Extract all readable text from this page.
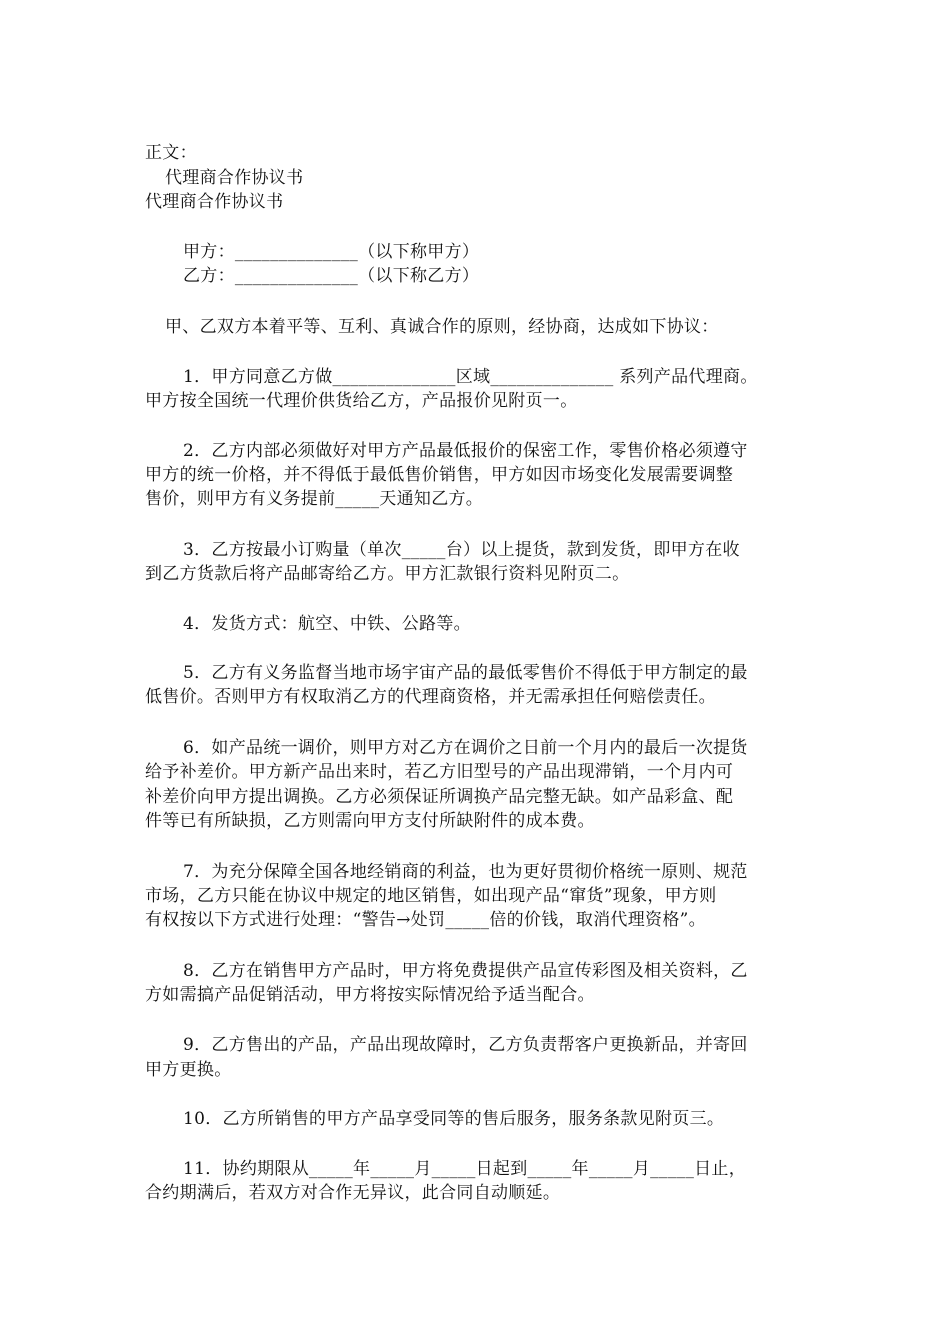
正文：
代理商合作协议书
代理商合作协议书
甲方：______________（以下称甲方）
乙方：______________（以下称乙方）
甲、乙双方本着平等、互利、真诚合作的原则，经协商，达成如下协议：
1．甲方同意乙方做______________区域______________ 系列产品代理商。
甲方按全国统一代理价供货给乙方，产品报价见附页一。
2．乙方内部必须做好对甲方产品最低报价的保密工作，零售价格必须遵守
甲方的统一价格，并不得低于最低售价销售，甲方如因市场变化发展需要调整
售价，则甲方有义务提前_____天通知乙方。
3．乙方按最小订购量（单次_____台）以上提货，款到发货，即甲方在收
到乙方货款后将产品邮寄给乙方。甲方汇款银行资料见附页二。
4．发货方式：航空、中铁、公路等。
5．乙方有义务监督当地市场宇宙产品的最低零售价不得低于甲方制定的最
低售价。否则甲方有权取消乙方的代理商资格，并无需承担任何赔偿责任。
6．如产品统一调价，则甲方对乙方在调价之日前一个月内的最后一次提货
给予补差价。甲方新产品出来时，若乙方旧型号的产品出现滞销，一个月内可
补差价向甲方提出调换。乙方必须保证所调换产品完整无缺。如产品彩盒、配
件等已有所缺损，乙方则需向甲方支付所缺附件的成本费。
7．为充分保障全国各地经销商的利益，也为更好贯彻价格统一原则、规范
市场，乙方只能在协议中规定的地区销售，如出现产品“窜货”现象，甲方则
有权按以下方式进行处理：“警告→处罚_____倍的价钱，取消代理资格”。
8．乙方在销售甲方产品时，甲方将免费提供产品宣传彩图及相关资料，乙
方如需搞产品促销活动，甲方将按实际情况给予适当配合。
9．乙方售出的产品，产品出现故障时，乙方负责帮客户更换新品，并寄回
甲方更换。
10．乙方所销售的甲方产品享受同等的售后服务，服务条款见附页三。
11．协约期限从_____年_____月_____日起到_____年_____月_____日止，
合约期满后，若双方对合作无异议，此合同自动顺延。
